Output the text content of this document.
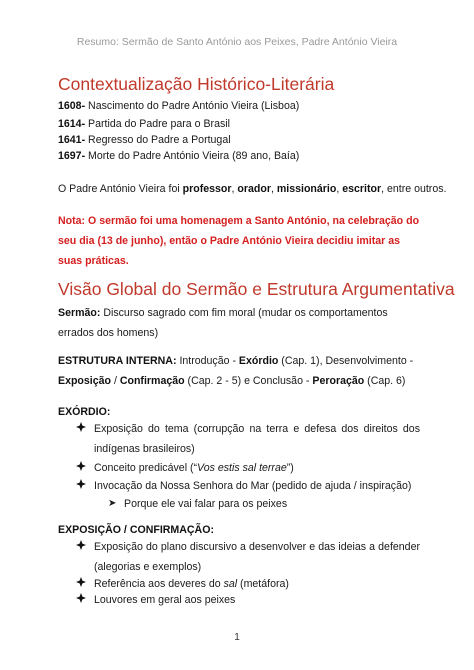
Resumo: Sermão de Santo António aos Peixes, Padre António Vieira
Contextualização Histórico-Literária
1608- Nascimento do Padre António Vieira (Lisboa)
1614- Partida do Padre para o Brasil
1641- Regresso do Padre a Portugal
1697- Morte do Padre António Vieira (89 ano, Baía)
O Padre António Vieira foi professor, orador, missionário, escritor, entre outros.
Nota: O sermão foi uma homenagem a Santo António, na celebração do seu dia (13 de junho), então o Padre António Vieira decidiu imitar as suas práticas.
Visão Global do Sermão e Estrutura Argumentativa
Sermão: Discurso sagrado com fim moral (mudar os comportamentos errados dos homens)
ESTRUTURA INTERNA: Introdução - Exórdio (Cap. 1), Desenvolvimento - Exposição / Confirmação (Cap. 2 - 5) e Conclusão - Peroração (Cap. 6)
EXÓRDIO:
Exposição do tema (corrupção na terra e defesa dos direitos dos indígenas brasileiros)
Conceito predicável (“Vos estis sal terrae”)
Invocação da Nossa Senhora do Mar (pedido de ajuda / inspiração)
➤ Porque ele vai falar para os peixes
EXPOSIÇÃO / CONFIRMAÇÃO:
Exposição do plano discursivo a desenvolver e das ideias a defender (alegorias e exemplos)
Referência aos deveres do sal (metáfora)
Louvores em geral aos peixes
1
